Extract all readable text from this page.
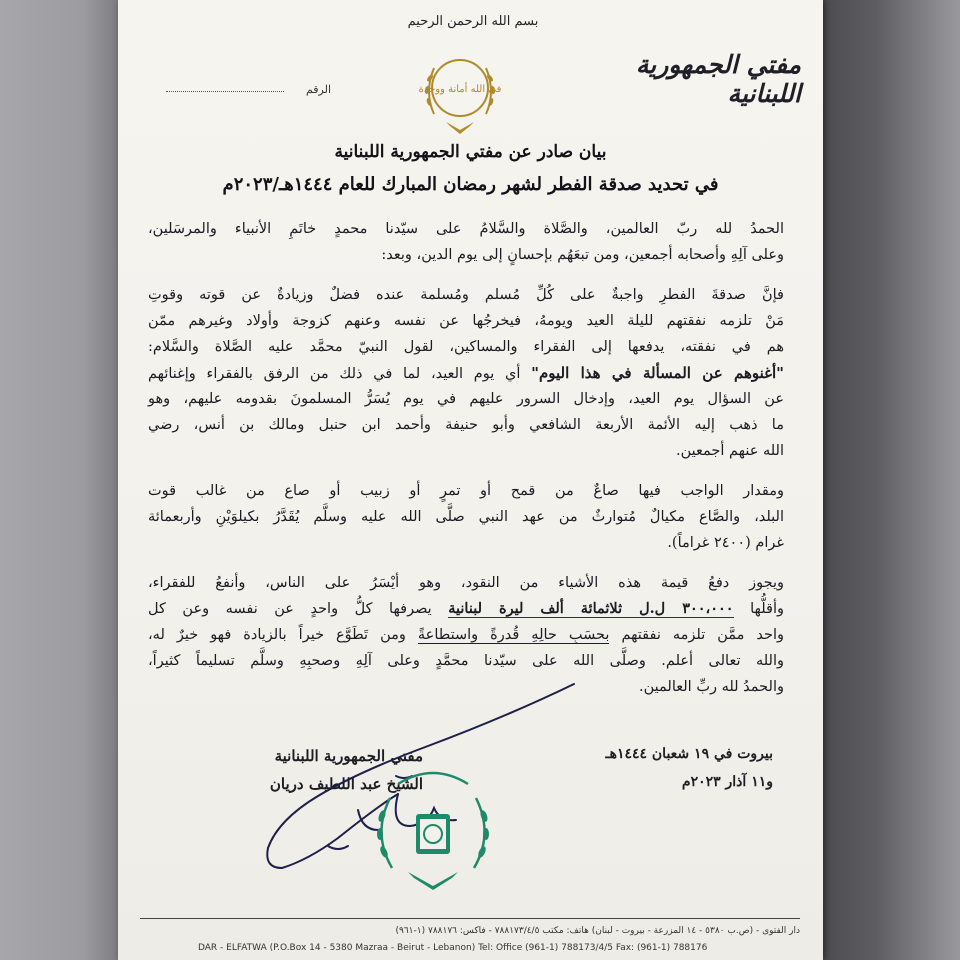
بسم الله الرحمن الرحيم
مفتي الجمهورية اللبنانية
الرقم	في الله أمانة ووحدة
بيان صادر عن مفتي الجمهورية اللبنانية
في تحديد صدقة الفطر لشهر رمضان المبارك للعام ١٤٤٤هـ/٢٠٢٣م
الحمدُ لله ربّ العالمين، والصَّلاة والسَّلامُ على سيّدنا محمدٍ خاتَمِ الأنبياء والمرسَلين،
وعلى آلِهِ وأصحابه أجمعين، ومن تبعَهُم بإحسانٍ إلى يوم الدين، وبعد:
فإنَّ صدقةَ الفطرِ واجبةٌ على كُلِّ مُسلم ومُسلمة عنده فضلٌ وزيادةٌ عن قوته وقوتِ
مَنْ تلزمه نفقتهم لليلة العيد ويومهُ، فيخرجُها عن نفسه وعنهم كزوجة وأولاد وغيرهم ممّن
هم في نفقته، يدفعها إلى الفقراء والمساكين، لقول النبيّ محمَّد عليه الصَّلاة والسَّلام:
"أغنوهم عن المسألة في هذا اليوم" أي يوم العيد، لما في ذلك من الرفق بالفقراء وإغنائهم
عن السؤال يوم العيد، وإدخال السرور عليهم في يوم يُسَرُّ المسلمونَ بقدومه عليهم، وهو
ما ذهب إليه الأئمة الأربعة الشافعي وأبو حنيفة وأحمد ابن حنبل ومالك بن أنس، رضي
الله عنهم أجمعين.
ومقدار الواجب فيها صاعٌ من قمح أو تمرٍ أو زبيب أو صاع من غالب قوت
البلد، والصَّاع مكيالٌ مُتوارثٌ من عهد النبي صلَّى الله عليه وسلَّم يُقَدَّرُ بكيلوَيْنِ وأربعمائة
غرام (٢٤٠٠ غراماً).
ويجوز دفعُ قيمة هذه الأشياء من النقود، وهو أيْسَرُ على الناس، وأنفعُ للفقراء،
وأقلُّها ٣٠٠،٠٠٠ ل.ل ثلاثمائة ألف ليرة لبنانية يصرفها كلُّ واحدٍ عن نفسه وعن كل
واحد ممَّن تلزمه نفقتهم بحسَبِ حالِهِ قُدرةً واستطاعةً ومن تَطَوَّع خيراً بالزيادة فهو خيرٌ له،
والله تعالى أعلم. وصلَّى الله على سيّدنا محمَّدٍ وعلى آلِهِ وصحبِهِ وسلَّم تسليماً كثيراً،
والحمدُ لله ربِّ العالمين.
بيروت في ١٩ شعبان ١٤٤٤هـ
و١١ آذار ٢٠٢٣م
مفتي الجمهورية اللبنانية
الشيخ عبد اللطيف دريان
دار الفتوى - (ص.ب ٥٣٨٠ - ١٤ المزرعة - بيروت - لبنان) هاتف: مكتب ٧٨٨١٧٣/٤/٥ - فاكس: ٧٨٨١٧٦ (١-٩٦١)
DAR - ELFATWA (P.O.Box 14 - 5380 Mazraa - Beirut - Lebanon) Tel: Office (961-1) 788173/4/5 Fax: (961-1) 788176
